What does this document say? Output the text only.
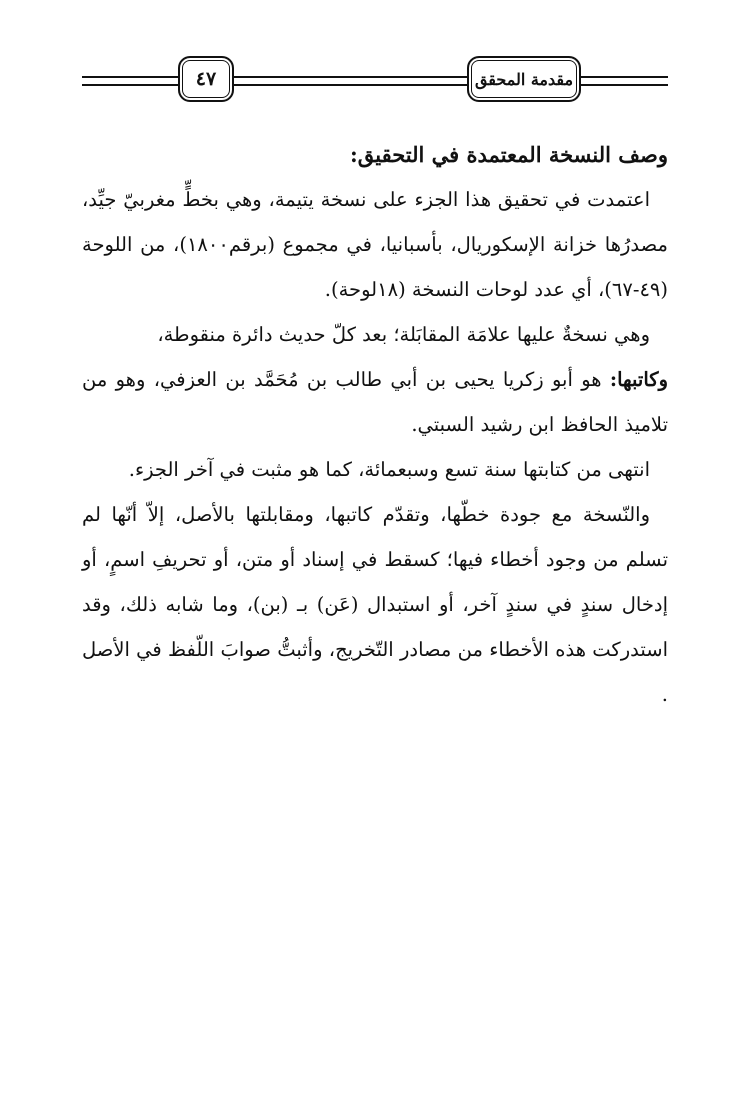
٤٧	مقدمة المحقق
وصف النسخة المعتمدة في التحقيق:

اعتمدت في تحقيق هذا الجزء على نسخة يتيمة، وهي بخطٍّ مغربيّ جيِّد، مصدرُها خزانة الإسكوريال، بأسبانيا، في مجموع (برقم١٨٠٠)، من اللوحة (٤٩-٦٧)، أي عدد لوحات النسخة (١٨لوحة).

وهي نسخةٌ عليها علامَة المقابَلة؛ بعد كلّ حديث دائرة منقوطة،

وكاتبها: هو أبو زكريا يحيى بن أبي طالب بن مُحَمَّد بن العزفي، وهو من تلاميذ الحافظ ابن رشيد السبتي.

انتهى من كتابتها سنة تسع وسبعمائة، كما هو مثبت في آخر الجزء.

والنّسخة مع جودة خطّها، وتقدّم كاتبها، ومقابلتها بالأصل، إلاّ أنّها لم تسلم من وجود أخطاء فيها؛ كسقط في إسناد أو متن، أو تحريفِ اسمٍ، أو إدخال سندٍ في سندٍ آخر، أو استبدال (عَن) بـ (بن)، وما شابه ذلك، وقد استدركت هذه الأخطاء من مصادر التّخريج، وأثبتُّ صوابَ اللّفظ في الأصل .
